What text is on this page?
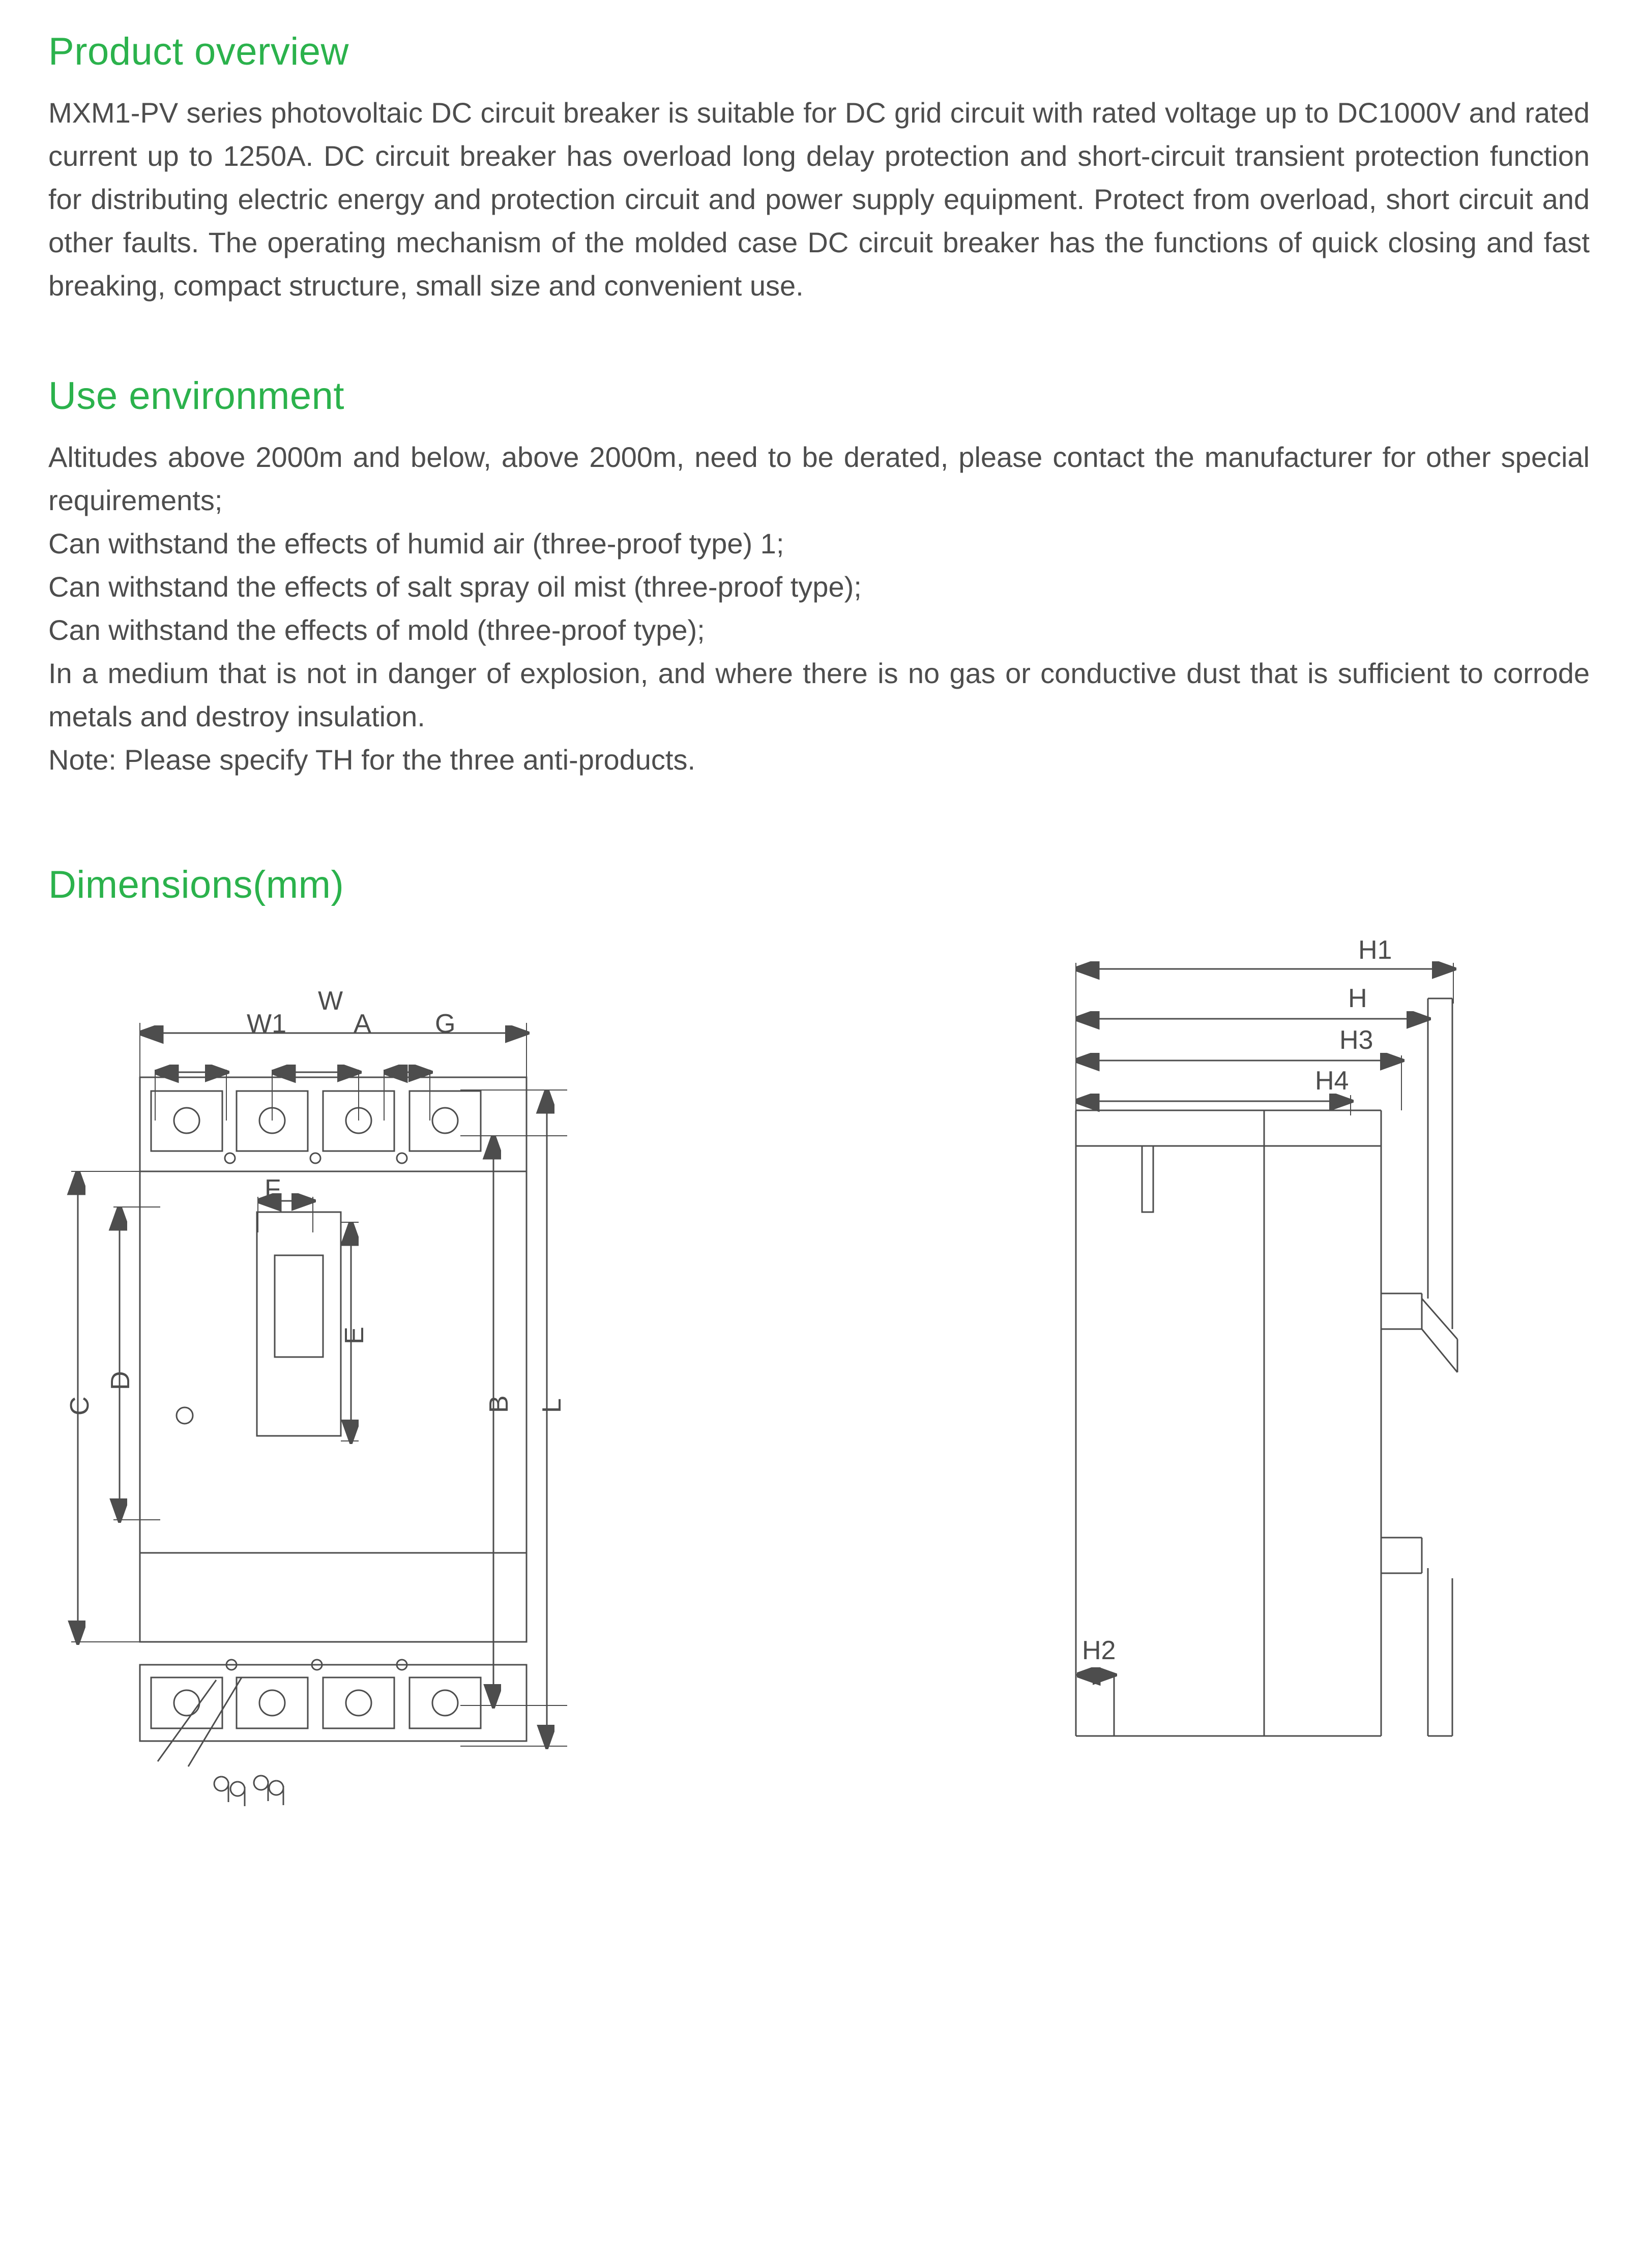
Product overview

MXM1-PV series photovoltaic DC circuit breaker is suitable for DC grid circuit with rated voltage up to DC1000V and rated current up to 1250A. DC circuit breaker has overload long delay protection and short-circuit transient protection function for distributing electric energy and protection circuit and power supply equipment. Protect from overload, short circuit and other faults. The operating mechanism of the molded case DC circuit breaker has the functions of quick closing and fast breaking, compact structure, small size and convenient use.

Use environment
Altitudes above 2000m and below, above 2000m, need to be derated, please contact the manufacturer for other special requirements;
Can withstand the effects of humid air (three-proof type) 1;
Can withstand the effects of salt spray oil mist (three-proof type);
Can withstand the effects of mold (three-proof type);
In a medium that is not in danger of explosion, and where there is no gas or conductive dust that is sufficient to corrode metals and destroy insulation.
Note: Please specify TH for the three anti-products.
Dimensions(mm)
W
W1	A G
F
E
C
D
B L
H1
H
H3
H4
H2
